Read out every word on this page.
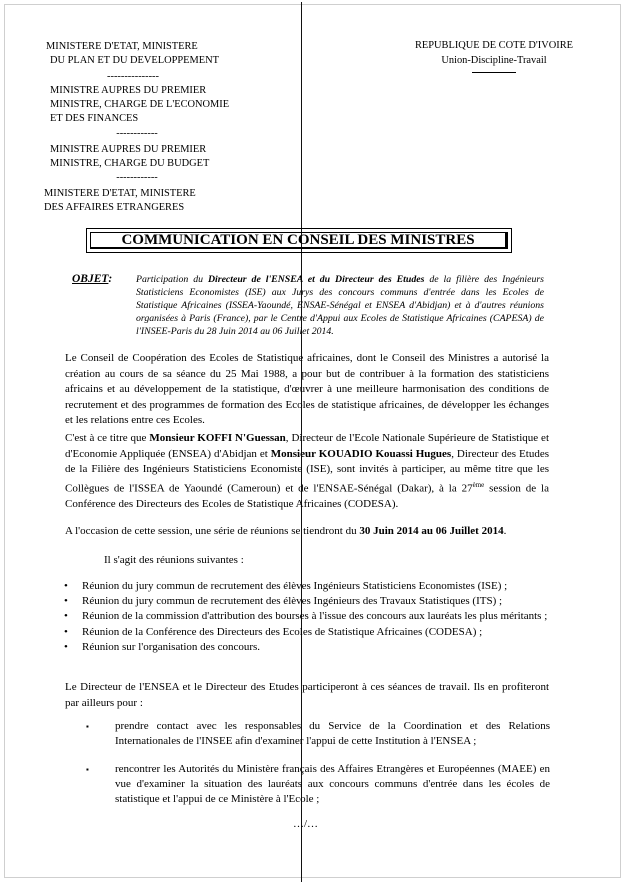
MINISTERE D'ETAT, MINISTERE
DU PLAN ET DU DEVELOPPEMENT
---------------
MINISTRE AUPRES DU PREMIER
MINISTRE, CHARGE DE L'ECONOMIE
ET DES FINANCES
------------
MINISTRE AUPRES DU PREMIER
MINISTRE, CHARGE DU BUDGET
------------
MINISTERE D'ETAT, MINISTERE
DES AFFAIRES ETRANGERES
REPUBLIQUE DE COTE D'IVOIRE
Union-Discipline-Travail
COMMUNICATION EN CONSEIL DES MINISTRES
OBJET: Participation du Directeur de l'ENSEA et du Directeur des Etudes de la filière des Ingénieurs Statisticiens Economistes (ISE) aux Jurys des concours communs d'entrée dans les Ecoles de Statistique Africaines (ISSEA-Yaoundé, ENSAE-Sénégal et ENSEA d'Abidjan) et à d'autres réunions organisées à Paris (France), par le Centre d'Appui aux Ecoles de Statistique Africaines (CAPESA) de l'INSEE-Paris du 28 Juin 2014 au 06 Juillet 2014.
Le Conseil de Coopération des Ecoles de Statistique africaines, dont le Conseil des Ministres a autorisé la création au cours de sa séance du 25 Mai 1988, a pour but de contribuer à la formation des statisticiens africains et au développement de la statistique, d'œuvrer à une meilleure harmonisation des conditions de recrutement et des programmes de formation des Ecoles de statistique africaines, de développer les échanges et les relations entre ces Ecoles.
C'est à ce titre que Monsieur KOFFI N'Guessan, Directeur de l'Ecole Nationale Supérieure de Statistique et d'Economie Appliquée (ENSEA) d'Abidjan et Monsieur KOUADIO Kouassi Hugues, Directeur des Etudes de la Filière des Ingénieurs Statisticiens Economiste (ISE), sont invités à participer, au même titre que les Collègues de l'ISSEA de Yaoundé (Cameroun) et de l'ENSAE-Sénégal (Dakar), à la 27ème session de la Conférence des Directeurs des Ecoles de Statistique Africaines (CODESA).
A l'occasion de cette session, une série de réunions se tiendront du 30 Juin 2014 au 06 Juillet 2014.
Il s'agit des réunions suivantes :
• Réunion du jury commun de recrutement des élèves Ingénieurs Statisticiens Economistes (ISE) ;
• Réunion du jury commun de recrutement des élèves Ingénieurs des Travaux Statistiques (ITS) ;
• Réunion de la commission d'attribution des bourses à l'issue des concours aux lauréats les plus méritants ;
• Réunion de la Conférence des Directeurs des Ecoles de Statistique Africaines (CODESA) ;
• Réunion sur l'organisation des concours.
Le Directeur de l'ENSEA et le Directeur des Etudes participeront à ces séances de travail. Ils en profiteront par ailleurs pour :
▪ prendre contact avec les responsables du Service de la Coordination et des Relations Internationales de l'INSEE afin d'examiner l'appui de cette Institution à l'ENSEA ;
▪ rencontrer les Autorités du Ministère français des Affaires Etrangères et Européennes (MAEE) en vue d'examiner la situation des lauréats aux concours communs d'entrée dans les écoles de statistique et l'appui de ce Ministère à l'Ecole ;
…/…
